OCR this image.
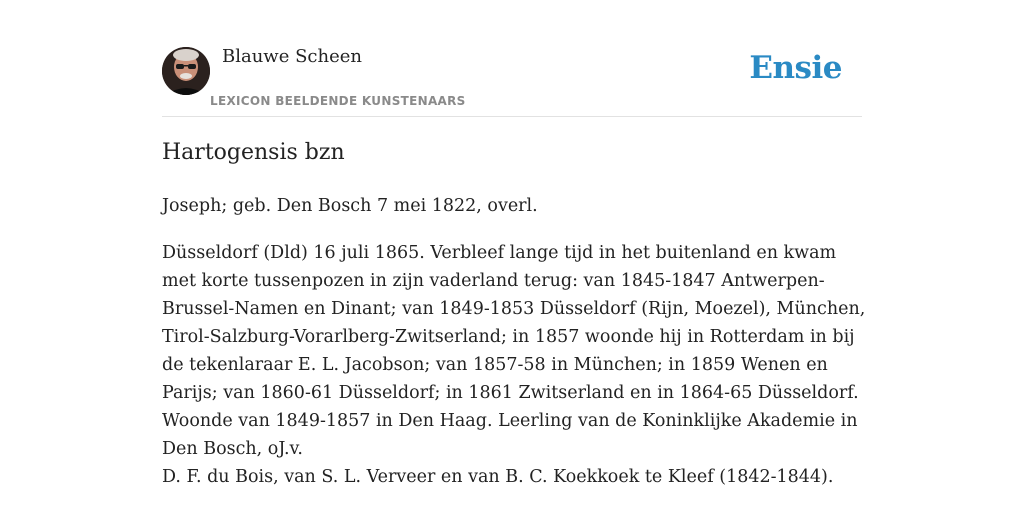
Blauwe Scheen
LEXICON BEELDENDE KUNSTENAARS
Ensie
Hartogensis bzn

Joseph; geb. Den Bosch 7 mei 1822, overl.

Düsseldorf (Dld) 16 juli 1865. Verbleef lange tijd in het buitenland en kwam met korte tussenpozen in zijn vaderland terug: van 1845-1847 Antwerpen-Brussel-Namen en Dinant; van 1849-1853 Düsseldorf (Rijn, Moezel), München, Tirol-Salzburg-Vorarlberg-Zwitserland; in 1857 woonde hij in Rotterdam in bij de tekenlaraar E. L. Jacobson; van 1857-58 in München; in 1859 Wenen en Parijs; van 1860-61 Düsseldorf; in 1861 Zwitserland en in 1864-65 Düsseldorf. Woonde van 1849-1857 in Den Haag. Leerling van de Koninklijke Akademie in Den Bosch, oJ.v.

D. F. du Bois, van S. L. Verveer en van B. C. Koekkoek te Kleef (1842-1844).
